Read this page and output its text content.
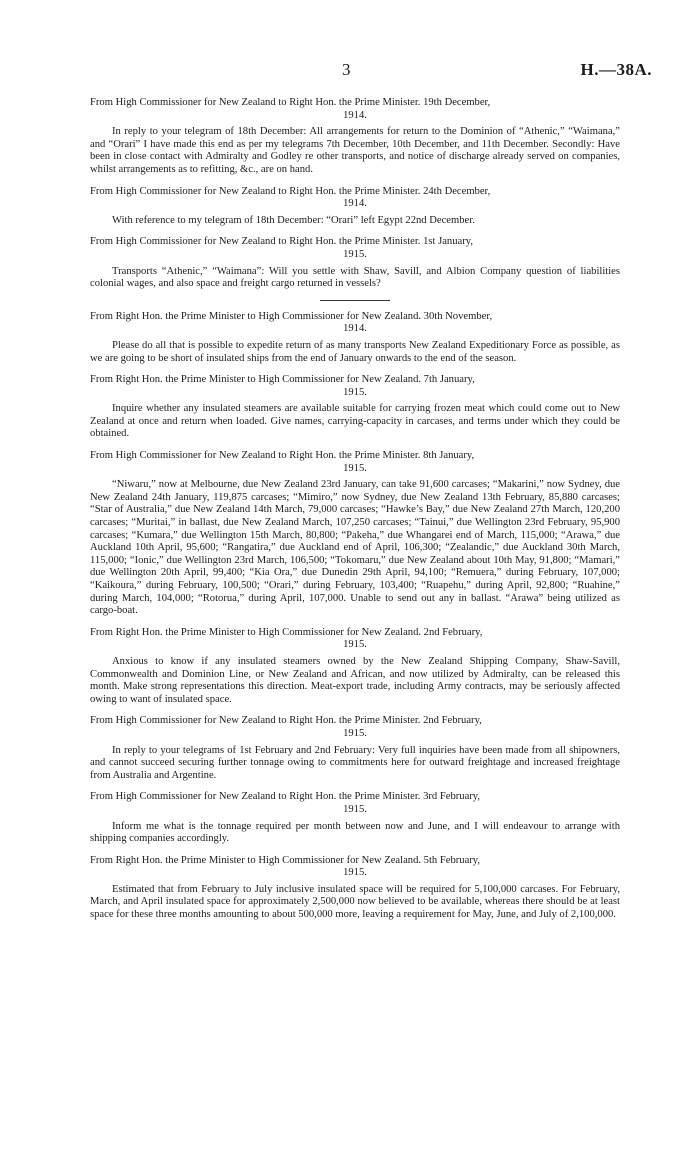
3	H.—38A.
From High Commissioner for New Zealand to Right Hon. the Prime Minister. 19th December,
1914.
In reply to your telegram of 18th December: All arrangements for return to the Dominion of “Athenic,” “Waimana,” and “Orari” I have made this end as per my telegrams 7th December, 10th December, and 11th December. Secondly: Have been in close contact with Admiralty and Godley re other transports, and notice of discharge already served on companies, whilst arrangements as to refitting, &c., are on hand.
From High Commissioner for New Zealand to Right Hon. the Prime Minister. 24th December,
1914.
With reference to my telegram of 18th December: “Orari” left Egypt 22nd December.
From High Commissioner for New Zealand to Right Hon. the Prime Minister. 1st January,
1915.
Transports “Athenic,” “Waimana”: Will you settle with Shaw, Savill, and Albion Company question of liabilities colonial wages, and also space and freight cargo returned in vessels?
From Right Hon. the Prime Minister to High Commissioner for New Zealand. 30th November,
1914.
Please do all that is possible to expedite return of as many transports New Zealand Expeditionary Force as possible, as we are going to be short of insulated ships from the end of January onwards to the end of the season.
From Right Hon. the Prime Minister to High Commissioner for New Zealand. 7th January,
1915.
Inquire whether any insulated steamers are available suitable for carrying frozen meat which could come out to New Zealand at once and return when loaded. Give names, carrying-capacity in carcases, and terms under which they could be obtained.
From High Commissioner for New Zealand to Right Hon. the Prime Minister. 8th January,
1915.
“Niwaru,” now at Melbourne, due New Zealand 23rd January, can take 91,600 carcases; “Makarini,” now Sydney, due New Zealand 24th January, 119,875 carcases; “Mimiro,” now Sydney, due New Zealand 13th February, 85,880 carcases; “Star of Australia,” due New Zealand 14th March, 79,000 carcases; “Hawke’s Bay,” due New Zealand 27th March, 120,200 carcases; “Muritai,” in ballast, due New Zealand March, 107,250 carcases; “Tainui,” due Wellington 23rd February, 95,900 carcases; “Kumara,” due Wellington 15th March, 80,800; “Pakeha,” due Whangarei end of March, 115,000; “Arawa,” due Auckland 10th April, 95,600; “Rangatira,” due Auckland end of April, 106,300; “Zealandic,” due Auckland 30th March, 115,000; “Ionic,” due Wellington 23rd March, 106,500; “Tokomaru,” due New Zealand about 10th May, 91,800; “Mamari,” due Wellington 20th April, 99,400; “Kia Ora,” due Dunedin 29th April, 94,100; “Remuera,” during February, 107,000; “Kaikoura,” during February, 100,500; “Orari,” during February, 103,400; “Ruapehu,” during April, 92,800; “Ruahine,” during March, 104,000; “Rotorua,” during April, 107,000. Unable to send out any in ballast. “Arawa” being utilized as cargo-boat.
From Right Hon. the Prime Minister to High Commissioner for New Zealand. 2nd February,
1915.
Anxious to know if any insulated steamers owned by the New Zealand Shipping Company, Shaw-Savill, Commonwealth and Dominion Line, or New Zealand and African, and now utilized by Admiralty, can be released this month. Make strong representations this direction. Meat-export trade, including Army contracts, may be seriously affected owing to want of insulated space.
From High Commissioner for New Zealand to Right Hon. the Prime Minister. 2nd February,
1915.
In reply to your telegrams of 1st February and 2nd February: Very full inquiries have been made from all shipowners, and cannot succeed securing further tonnage owing to commitments here for outward freightage and increased freightage from Australia and Argentine.
From High Commissioner for New Zealand to Right Hon. the Prime Minister. 3rd February,
1915.
Inform me what is the tonnage required per month between now and June, and I will endeavour to arrange with shipping companies accordingly.
From Right Hon. the Prime Minister to High Commissioner for New Zealand. 5th February,
1915.
Estimated that from February to July inclusive insulated space will be required for 5,100,000 carcases. For February, March, and April insulated space for approximately 2,500,000 now believed to be available, whereas there should be at least space for these three months amounting to about 500,000 more, leaving a requirement for May, June, and July of 2,100,000.
